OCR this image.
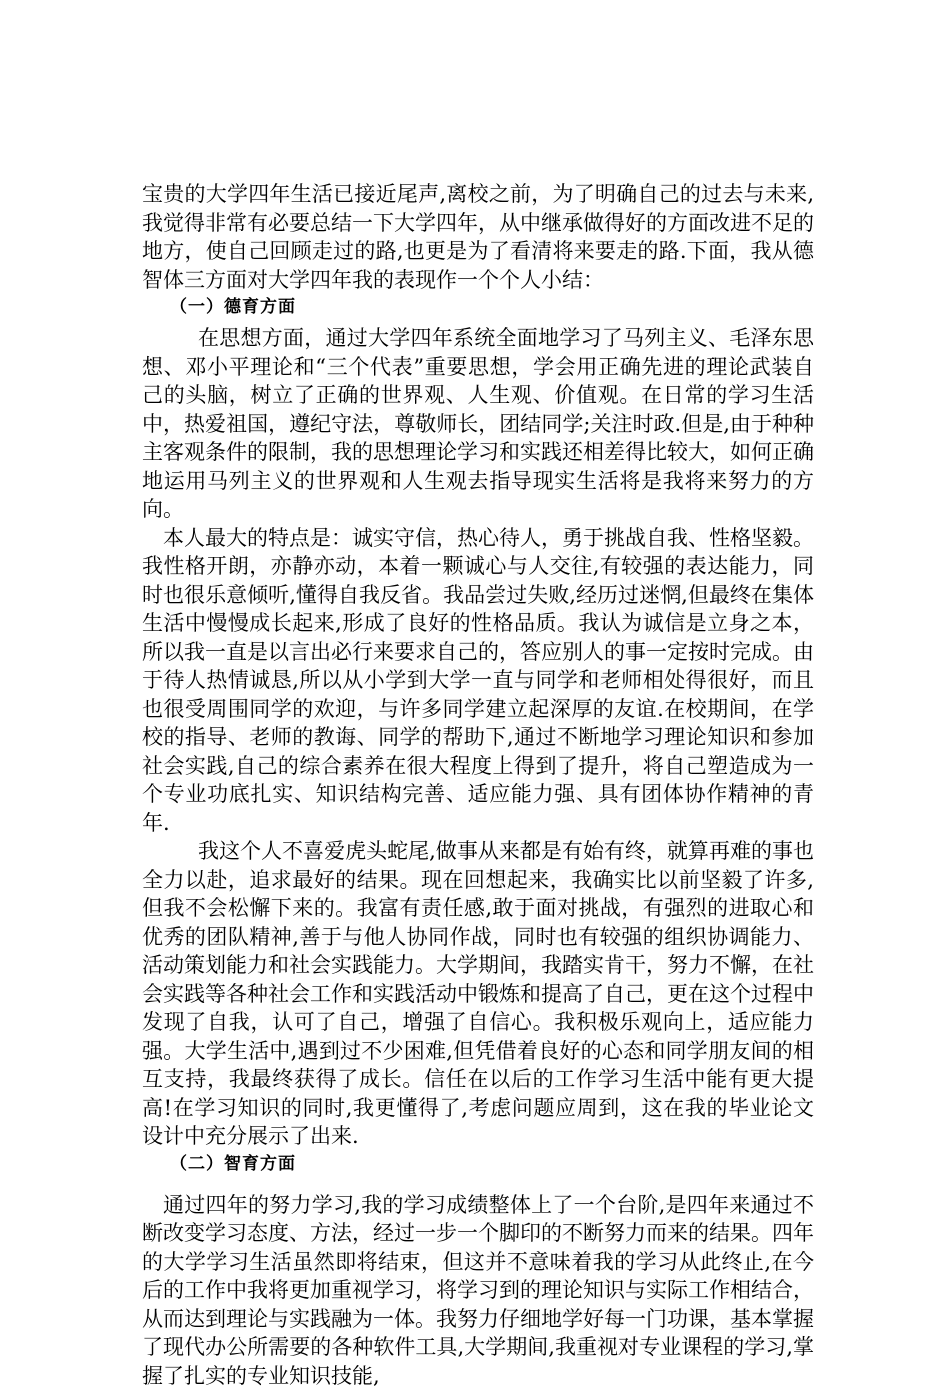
宝贵的大学四年生活已接近尾声,离校之前，为了明确自己的过去与未来,我觉得非常有必要总结一下大学四年，从中继承做得好的方面改进不足的地方，使自己回顾走过的路,也更是为了看清将来要走的路.下面，我从德智体三方面对大学四年我的表现作一个个人小结：

（一）德育方面

在思想方面，通过大学四年系统全面地学习了马列主义、毛泽东思想、邓小平理论和“三个代表”重要思想，学会用正确先进的理论武装自己的头脑，树立了正确的世界观、人生观、价值观。在日常的学习生活中，热爱祖国，遵纪守法，尊敬师长，团结同学;关注时政.但是,由于种种主客观条件的限制，我的思想理论学习和实践还相差得比较大，如何正确地运用马列主义的世界观和人生观去指导现实生活将是我将来努力的方向。

本人最大的特点是：诚实守信，热心待人，勇于挑战自我、性格坚毅。我性格开朗，亦静亦动，本着一颗诚心与人交往,有较强的表达能力，同时也很乐意倾听,懂得自我反省。我品尝过失败,经历过迷惘,但最终在集体生活中慢慢成长起来,形成了良好的性格品质。我认为诚信是立身之本，所以我一直是以言出必行来要求自己的，答应别人的事一定按时完成。由于待人热情诚恳,所以从小学到大学一直与同学和老师相处得很好，而且也很受周围同学的欢迎，与许多同学建立起深厚的友谊.在校期间，在学校的指导、老师的教诲、同学的帮助下,通过不断地学习理论知识和参加社会实践,自己的综合素养在很大程度上得到了提升，将自己塑造成为一个专业功底扎实、知识结构完善、适应能力强、具有团体协作精神的青年.

我这个人不喜爱虎头蛇尾,做事从来都是有始有终，就算再难的事也全力以赴，追求最好的结果。现在回想起来，我确实比以前坚毅了许多,但我不会松懈下来的。我富有责任感,敢于面对挑战，有强烈的进取心和优秀的团队精神,善于与他人协同作战，同时也有较强的组织协调能力、活动策划能力和社会实践能力。大学期间，我踏实肯干，努力不懈，在社会实践等各种社会工作和实践活动中锻炼和提高了自己，更在这个过程中发现了自我，认可了自己，增强了自信心。我积极乐观向上，适应能力强。大学生活中,遇到过不少困难,但凭借着良好的心态和同学朋友间的相互支持，我最终获得了成长。信任在以后的工作学习生活中能有更大提高!在学习知识的同时,我更懂得了,考虑问题应周到，这在我的毕业论文设计中充分展示了出来.

（二）智育方面

通过四年的努力学习,我的学习成绩整体上了一个台阶,是四年来通过不断改变学习态度、方法，经过一步一个脚印的不断努力而来的结果。四年的大学学习生活虽然即将结束，但这并不意味着我的学习从此终止,在今后的工作中我将更加重视学习，将学习到的理论知识与实际工作相结合，从而达到理论与实践融为一体。我努力仔细地学好每一门功课，基本掌握了现代办公所需要的各种软件工具,大学期间,我重视对专业课程的学习,掌握了扎实的专业知识技能,
